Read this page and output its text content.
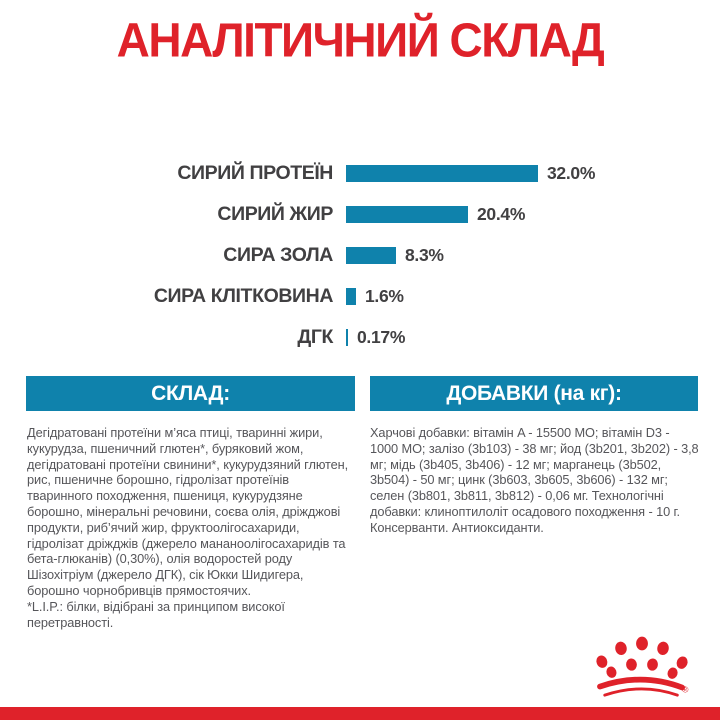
АНАЛІТИЧНИЙ СКЛАД
СИРИЙ ПРОТЕЇН	32.0%
СИРИЙ ЖИР	20.4%
СИРА ЗОЛА	8.3%
СИРА КЛІТКОВИНА	1.6%
ДГК	0.17%
СКЛАД:	ДОБАВКИ (на кг):

Дегідратовані протеїни м’яса птиці, тваринні жири, кукурудза, пшеничний глютен*, буряковий жом, дегідратовані протеїни свинини*, кукурудзяний глютен, рис, пшеничне борошно, гідролізат протеїнів тваринного походження, пшениця, кукурудзяне борошно, мінеральні речовини, соєва олія, дріжджові продукти, риб’ячий жир, фруктоолігосахариди, гідролізат дріжджів (джерело мананоолігосахаридів та бета-глюканів) (0,30%), олія водоростей роду Шізохітріум (джерело ДГК), сік Юкки Шидигера, борошно чорнобривців прямостоячих.

*L.I.P.: білки, відібрані за принципом високої перетравності.

Харчові добавки: вітамін A - 15500 МО; вітамін D3 - 1000 МО; залізо (3b103) - 38 мг; йод (3b201, 3b202) - 3,8 мг; мідь (3b405, 3b406) - 12 мг; марганець (3b502, 3b504) - 50 мг; цинк (3b603, 3b605, 3b606) - 132 мг; селен (3b801, 3b811, 3b812) - 0,06 мг. Технологічні добавки: клиноптилоліт осадового походження - 10 г. Консерванти. Антиоксиданти.

®
